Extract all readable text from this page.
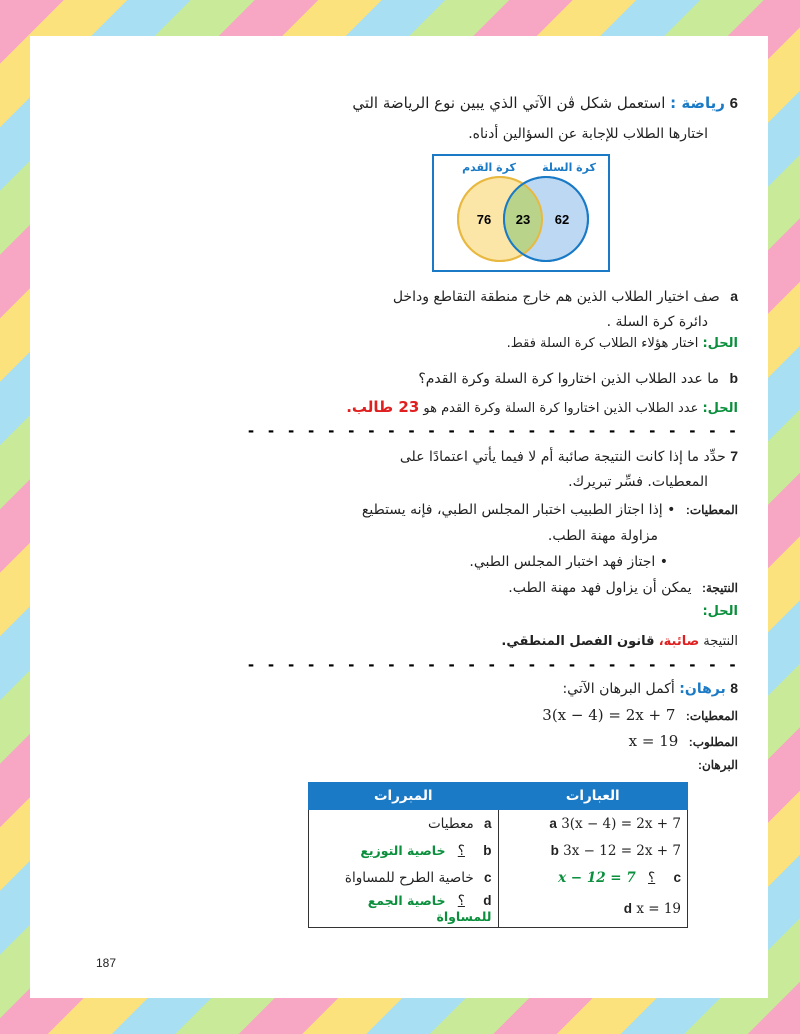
6 رياضة : استعمل شكل ڤن الآتي الذي يبين نوع الرياضة التي
اختارها الطلاب للإجابة عن السؤالين أدناه.
كرة القدم كرة السلة
76 23 62
a صف اختيار الطلاب الذين هم خارج منطقة التقاطع وداخل
دائرة كرة السلة .
الحل: اختار هؤلاء الطلاب كرة السلة فقط.
b ما عدد الطلاب الذين اختاروا كرة السلة وكرة القدم؟
الحل: عدد الطلاب الذين اختاروا كرة السلة وكرة القدم هو 23 طالب.
- - - - - - - - - - - - - - - - - - - - - - - - -
7 حدِّد ما إذا كانت النتيجة صائبة أم لا فيما يأتي اعتمادًا على
المعطيات. فسِّر تبريرك.
المعطيات: • إذا اجتاز الطبيب اختبار المجلس الطبي، فإنه يستطيع
مزاولة مهنة الطب.
• اجتاز فهد اختبار المجلس الطبي.
النتيجة: يمكن أن يزاول فهد مهنة الطب.
الحل:
النتيجة صائبة، قانون الفصل المنطقي.
- - - - - - - - - - - - - - - - - - - - - - - - -
8 برهان: أكمل البرهان الآتي:
المعطيات: 3(x − 4) = 2x + 7
المطلوب: x = 19
البرهان:
العبارات	المبررات
a 3(x − 4) = 2x + 7	a معطيات
b 3x − 12 = 2x + 7	b ؟ خاصية التوزيع
c ؟ x − 12 = 7	c خاصية الطرح للمساواة
d x = 19	d ؟ خاصية الجمع للمساواة
187
